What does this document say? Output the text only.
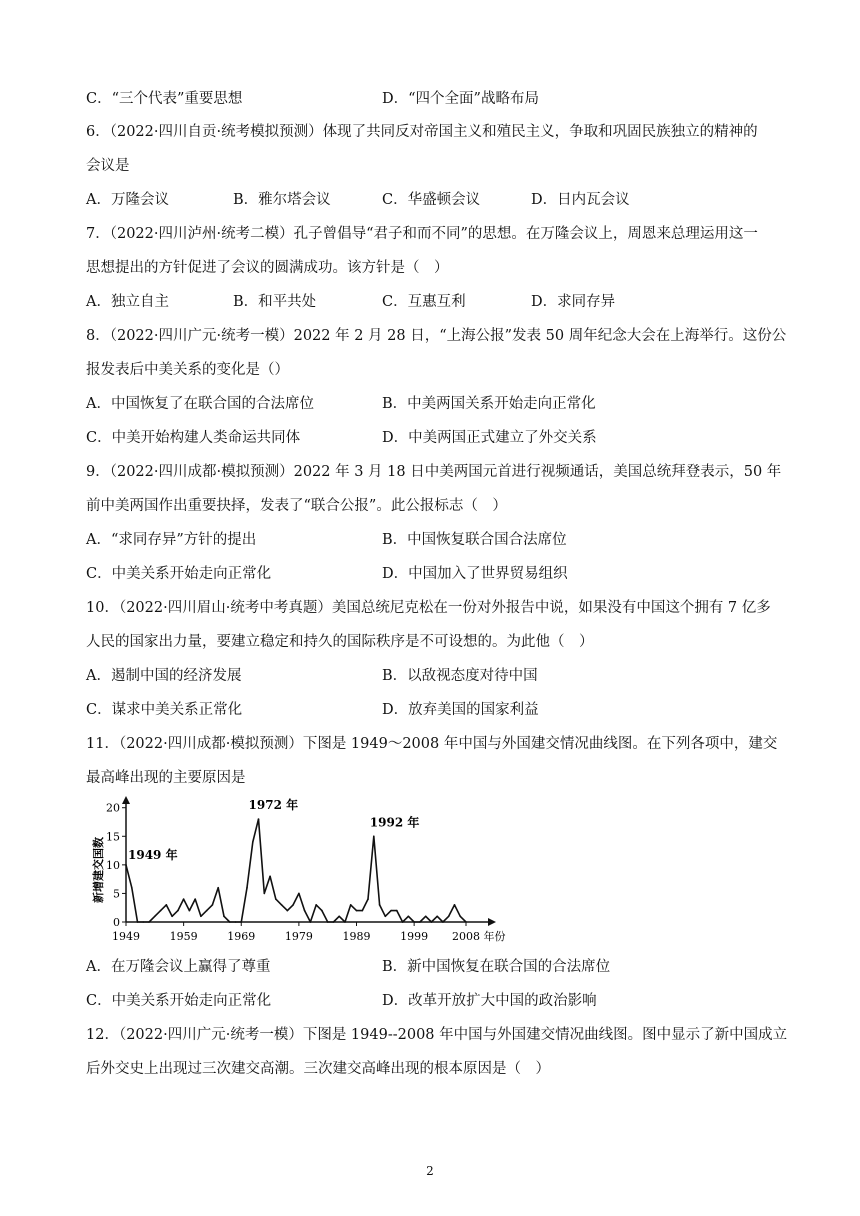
C．“三个代表”重要思想	D．“四个全面”战略布局
6．（2022·四川自贡·统考模拟预测）体现了共同反对帝国主义和殖民主义，争取和巩固民族独立的精神的
会议是
A．万隆会议	B．雅尔塔会议	C．华盛顿会议	D．日内瓦会议
7．（2022·四川泸州·统考二模）孔子曾倡导“君子和而不同”的思想。在万隆会议上，周恩来总理运用这一
思想提出的方针促进了会议的圆满成功。该方针是（　）
A．独立自主	B．和平共处	C．互惠互利	D．求同存异
8．（2022·四川广元·统考一模）2022 年 2 月 28 日，“上海公报”发表 50 周年纪念大会在上海举行。这份公
报发表后中美关系的变化是（）
A．中国恢复了在联合国的合法席位	B．中美两国关系开始走向正常化
C．中美开始构建人类命运共同体	D．中美两国正式建立了外交关系
9．（2022·四川成都·模拟预测）2022 年 3 月 18 日中美两国元首进行视频通话，美国总统拜登表示，50 年
前中美两国作出重要抉择，发表了“联合公报”。此公报标志（　）
A．“求同存异”方针的提出	B．中国恢复联合国合法席位
C．中美关系开始走向正常化	D．中国加入了世界贸易组织
10．（2022·四川眉山·统考中考真题）美国总统尼克松在一份对外报告中说，如果没有中国这个拥有 7 亿多
人民的国家出力量，要建立稳定和持久的国际秩序是不可设想的。为此他（　）
A．遏制中国的经济发展	B．以敌视态度对待中国
C．谋求中美关系正常化	D．放弃美国的国家利益
11．（2022·四川成都·模拟预测）下图是 1949～2008 年中国与外国建交情况曲线图。在下列各项中，建交
最高峰出现的主要原因是
0
5
10
15
20
1949	1959	1969	1979	1989	1999 2008 年份
1949 年
1972 年
1992 年
新增建交国数
A．在万隆会议上赢得了尊重	B．新中国恢复在联合国的合法席位
C．中美关系开始走向正常化	D．改革开放扩大中国的政治影响
12．（2022·四川广元·统考一模）下图是 1949--2008 年中国与外国建交情况曲线图。图中显示了新中国成立
后外交史上出现过三次建交高潮。三次建交高峰出现的根本原因是（　）
2
